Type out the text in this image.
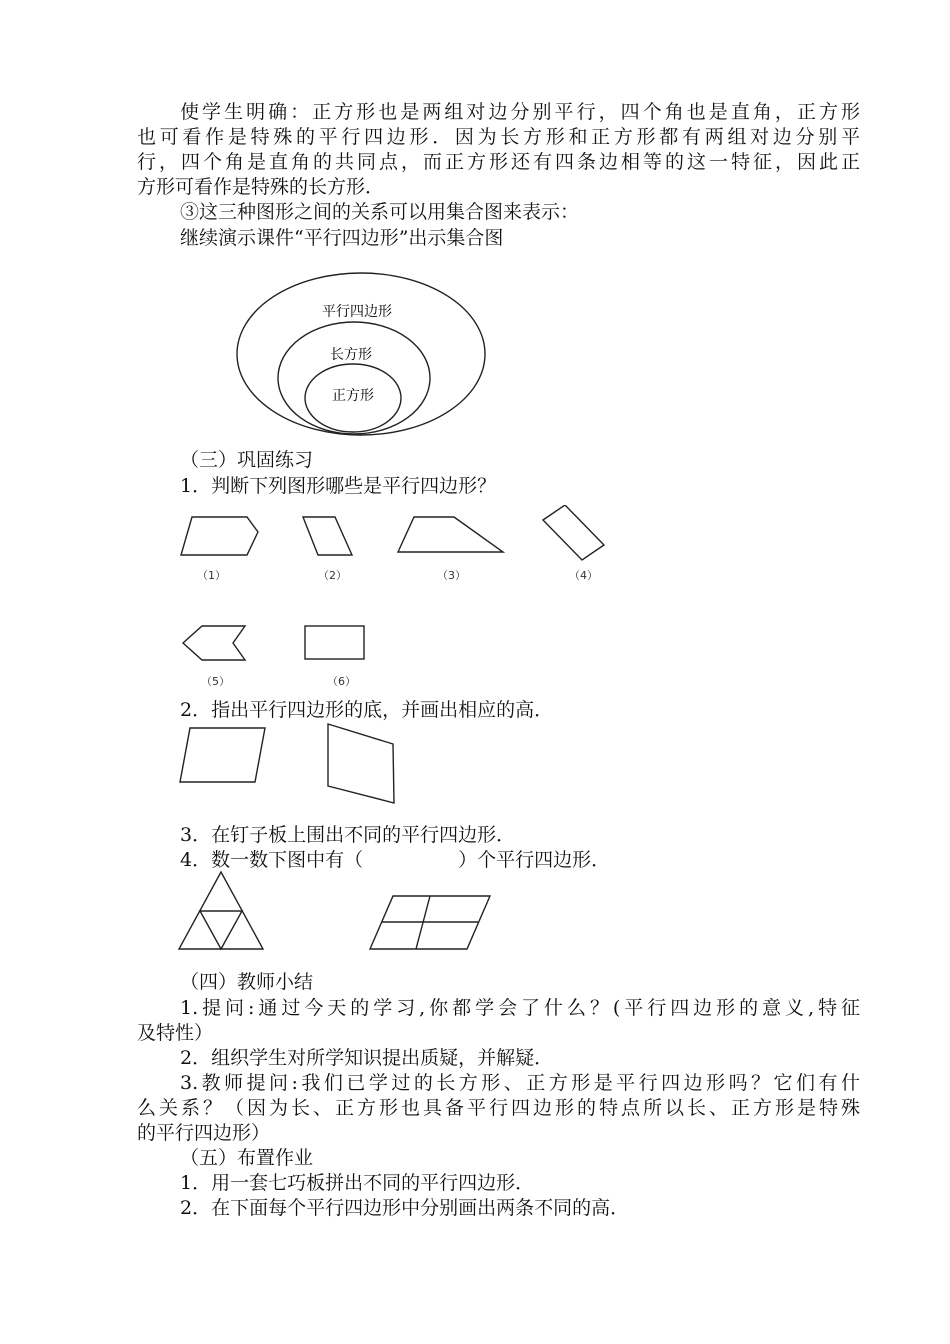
使学生明确：正方形也是两组对边分别平行，四个角也是直角，正方形
也可看作是特殊的平行四边形．因为长方形和正方形都有两组对边分别平
行，四个角是直角的共同点，而正方形还有四条边相等的这一特征，因此正
方形可看作是特殊的长方形．
③这三种图形之间的关系可以用集合图来表示：
继续演示课件“平行四边形”出示集合图
平行四边形
长方形
正方形
（三）巩固练习
1．判断下列图形哪些是平行四边形？
（1）	（2）	（3）	（4）
（5）	（6）
2．指出平行四边形的底，并画出相应的高．
3．在钉子板上围出不同的平行四边形．
4．数一数下图中有（　　　　　）个平行四边形．
（四）教师小结
1.提问:通过今天的学习,你都学会了什么？(平行四边形的意义,特征
及特性）
2．组织学生对所学知识提出质疑，并解疑．
3.教师提问:我们已学过的长方形、正方形是平行四边形吗？它们有什
么关系？（因为长、正方形也具备平行四边形的特点所以长、正方形是特殊
的平行四边形）
（五）布置作业
1．用一套七巧板拼出不同的平行四边形．
2．在下面每个平行四边形中分别画出两条不同的高．
